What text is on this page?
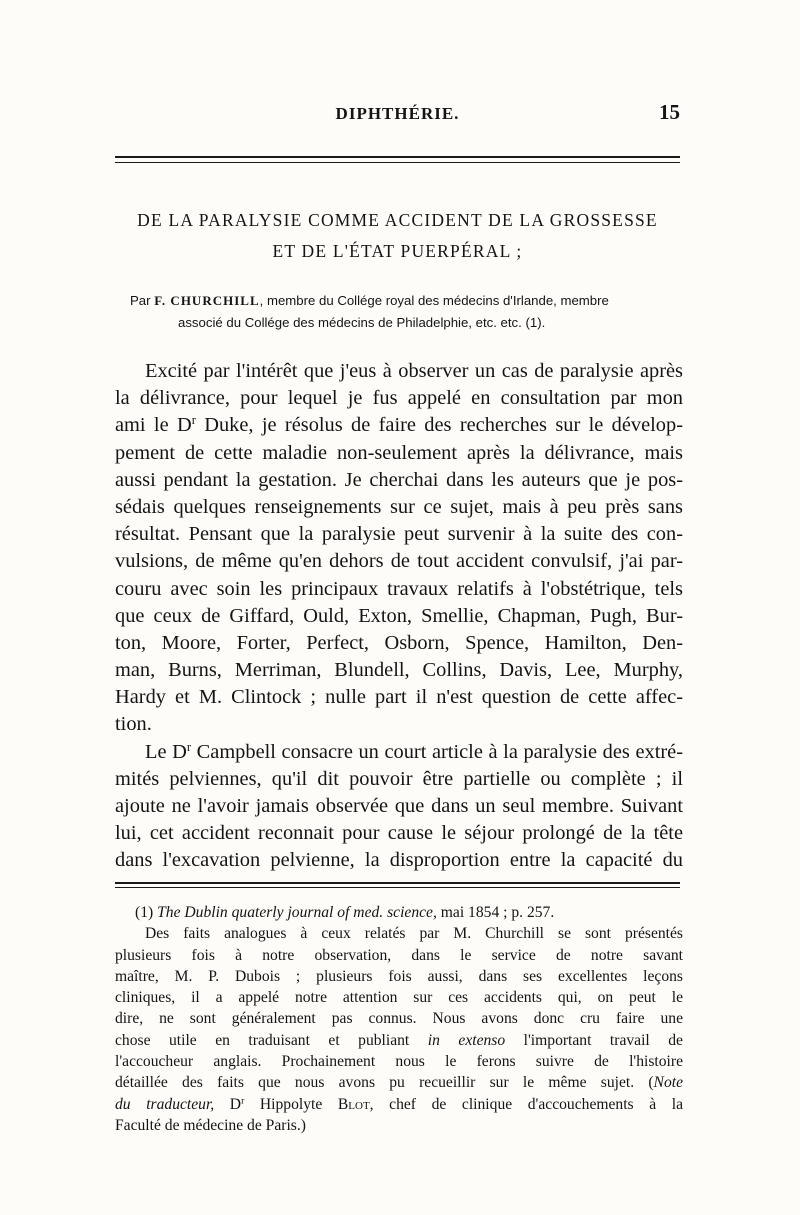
DIPHTHÉRIE.	15
DE LA PARALYSIE COMME ACCIDENT DE LA GROSSESSE
ET DE L'ÉTAT PUERPÉRAL ;
Par F. CHURCHILL, membre du Collége royal des médecins d'Irlande, membre
associé du Collége des médecins de Philadelphie, etc. etc. (1).
Excité par l'intérêt que j'eus à observer un cas de paralysie après
la délivrance, pour lequel je fus appelé en consultation par mon
ami le $D^r$ Duke, je résolus de faire des recherches sur le dévelop-
pement de cette maladie non-seulement après la délivrance, mais
aussi pendant la gestation. Je cherchai dans les auteurs que je pos-
sédais quelques renseignements sur ce sujet, mais à peu près sans
résultat. Pensant que la paralysie peut survenir à la suite des con-
vulsions, de même qu'en dehors de tout accident convulsif, j'ai par-
couru avec soin les principaux travaux relatifs à l'obstétrique, tels
que ceux de Giffard, Ould, Exton, Smellie, Chapman, Pugh, Bur-
ton, Moore, Forter, Perfect, Osborn, Spence, Hamilton, Den-
man, Burns, Merriman, Blundell, Collins, Davis, Lee, Murphy,
Hardy et M. Clintock ; nulle part il n'est question de cette affec-
tion.
Le $D^r$ Campbell consacre un court article à la paralysie des extré-
mités pelviennes, qu'il dit pouvoir être partielle ou complète ; il
ajoute ne l'avoir jamais observée que dans un seul membre. Suivant
lui, cet accident reconnait pour cause le séjour prolongé de la tête
dans l'excavation pelvienne, la disproportion entre la capacité du
(1) The Dublin quaterly journal of med. science, mai 1854 ; p. 257.
Des faits analogues à ceux relatés par M. Churchill se sont présentés
plusieurs fois à notre observation, dans le service de notre savant
maître, M. P. Dubois ; plusieurs fois aussi, dans ses excellentes leçons
cliniques, il a appelé notre attention sur ces accidents qui, on peut le
dire, ne sont généralement pas connus. Nous avons donc cru faire une
chose utile en traduisant et publiant in extenso l'important travail de
l'accoucheur anglais. Prochainement nous le ferons suivre de l'histoire
détaillée des faits que nous avons pu recueillir sur le même sujet. (Note
du traducteur, $D^r$ Hippolyte Blot, chef de clinique d'accouchements à la
Faculté de médecine de Paris.)
